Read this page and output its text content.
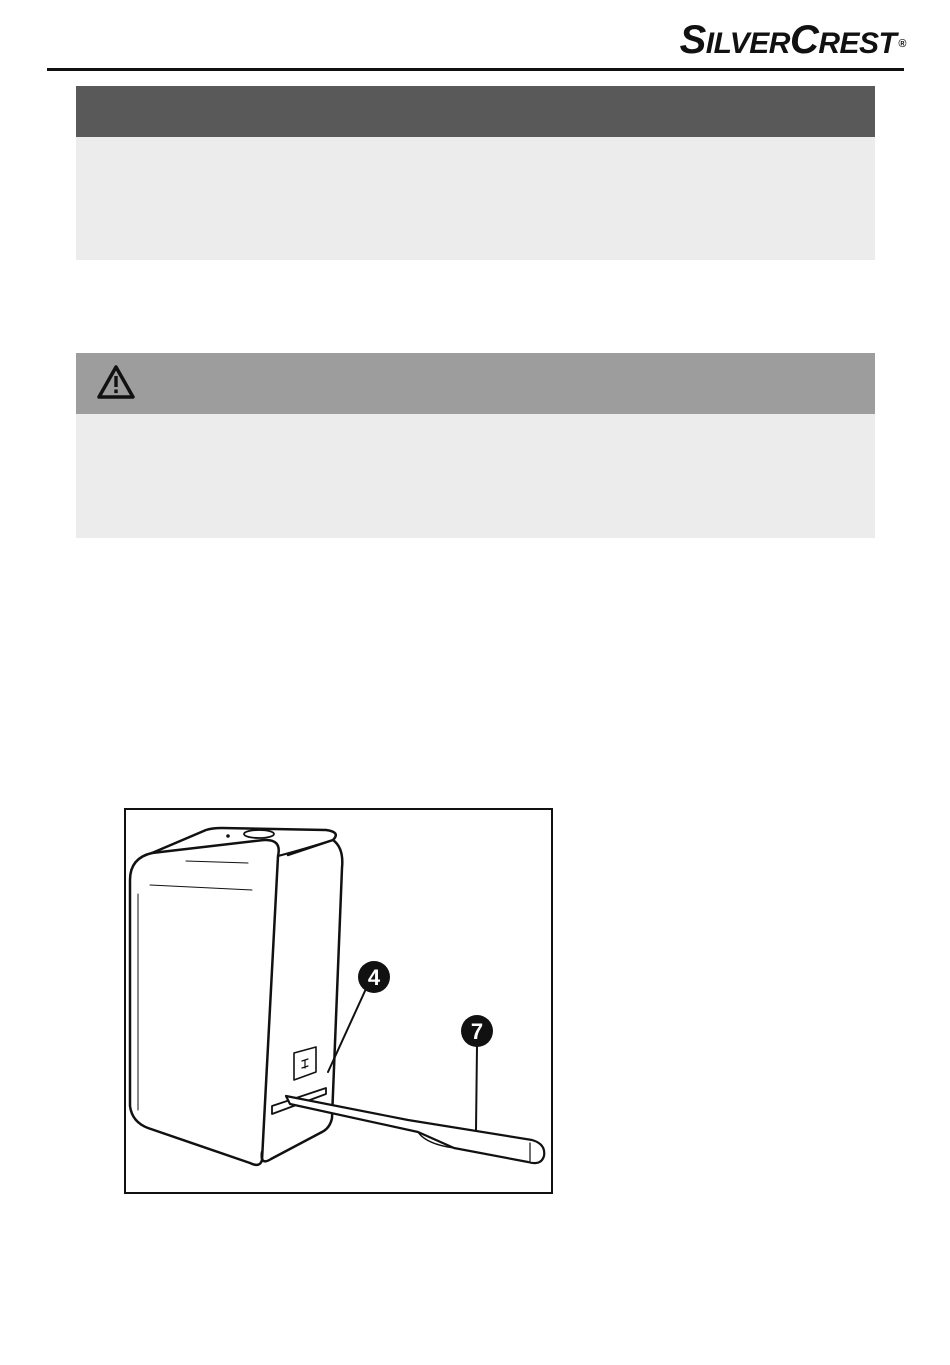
SILVERCREST ®
4
7
